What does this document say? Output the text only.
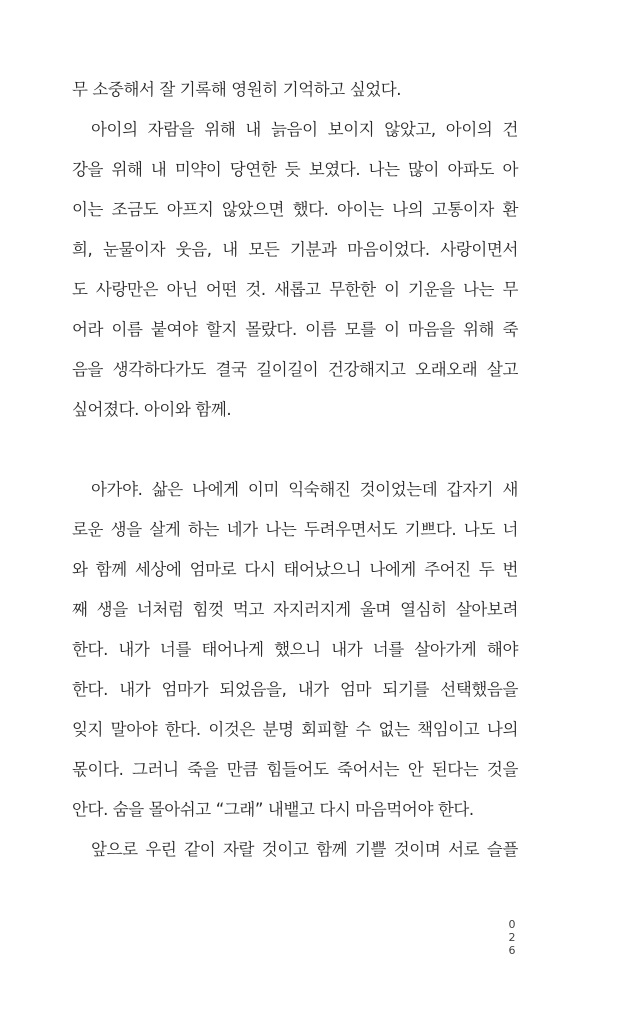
무 소중해서 잘 기록해 영원히 기억하고 싶었다.
아이의 자람을 위해 내 늙음이 보이지 않았고, 아이의 건
강을 위해 내 미약이 당연한 듯 보였다. 나는 많이 아파도 아
이는 조금도 아프지 않았으면 했다. 아이는 나의 고통이자 환
희, 눈물이자 웃음, 내 모든 기분과 마음이었다. 사랑이면서
도 사랑만은 아닌 어떤 것. 새롭고 무한한 이 기운을 나는 무
어라 이름 붙여야 할지 몰랐다. 이름 모를 이 마음을 위해 죽
음을 생각하다가도 결국 길이길이 건강해지고 오래오래 살고
싶어졌다. 아이와 함께.
아가야. 삶은 나에게 이미 익숙해진 것이었는데 갑자기 새
로운 생을 살게 하는 네가 나는 두려우면서도 기쁘다. 나도 너
와 함께 세상에 엄마로 다시 태어났으니 나에게 주어진 두 번
째 생을 너처럼 힘껏 먹고 자지러지게 울며 열심히 살아보려
한다. 내가 너를 태어나게 했으니 내가 너를 살아가게 해야
한다. 내가 엄마가 되었음을, 내가 엄마 되기를 선택했음을
잊지 말아야 한다. 이것은 분명 회피할 수 없는 책임이고 나의
몫이다. 그러니 죽을 만큼 힘들어도 죽어서는 안 된다는 것을
안다. 숨을 몰아쉬고 “그래” 내뱉고 다시 마음먹어야 한다.
앞으로 우린 같이 자랄 것이고 함께 기쁠 것이며 서로 슬플
0
2
6
